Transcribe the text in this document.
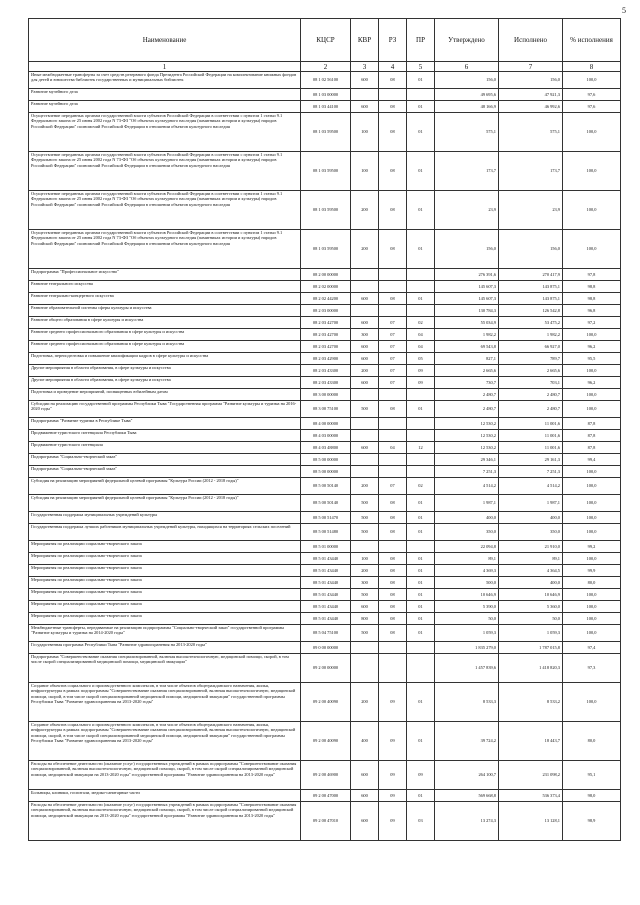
5
Наименование	КЦСР	КВР	РЗ	ПР	Утверждено	Исполнено	% исполнения
1	2	3	4	5	6	7	8
Иные межбюджетные трансферты за счет средств резервного фонда Президента Российской Федерации на комплектование книжных фондов для детей и юношества библиотек государственных и муниципальных библиотек	08 1 02 56100	600	08	01	156,0	156,0	100,0
Развитие музейного дела	08 1 03 00000				49 695,6	47 921,3	97,6
Развитие музейного дела	08 1 03 44100	600	08	01	48 166,9	46 992,6	97,6
Осуществление переданных органам государственной власти субъектов Российской Федерации в соответствии с пунктом 1 статьи 9.1 Федерального закона от 25 июня 2002 года N 73-ФЗ "Об объектах культурного наследия (памятниках истории и культуры) народов Российской Федерации" полномочий Российской Федерации в отношении объектов культурного наследия	08 1 03 59500	100	08	01	575,1	575,1	100,0
Осуществление переданных органам государственной власти субъектов Российской Федерации в соответствии с пунктом 1 статьи 9.1 Федерального закона от 25 июня 2002 года N 73-ФЗ "Об объектах культурного наследия (памятниках истории и культуры) народов Российской Федерации" полномочий Российской Федерации в отношении объектов культурного наследия	08 1 03 59500	100	08	01	173,7	173,7	100,0
Осуществление переданных органам государственной власти субъектов Российской Федерации в соответствии с пунктом 1 статьи 9.1 Федерального закона от 25 июня 2002 года N 73-ФЗ "Об объектах культурного наследия (памятниках истории и культуры) народов Российской Федерации" полномочий Российской Федерации в отношении объектов культурного наследия	08 1 03 59500	200	08	01	23,9	23,9	100,0
Осуществление переданных органам государственной власти субъектов Российской Федерации в соответствии с пунктом 1 статьи 9.1 Федерального закона от 25 июня 2002 года N 73-ФЗ "Об объектах культурного наследия (памятниках истории и культуры) народов Российской Федерации" полномочий Российской Федерации в отношении объектов культурного наследия	08 1 03 59500	200	08	01	156,0	156,0	100,0
Подпрограмма "Профессиональное искусство"	08 2 00 00000				276 391,6	270 417,9	97,8
Развитие театрального искусства	08 2 02 00000				145 607,3	143 875,1	98,8
Развитие театрально-концертного искусства	08 2 02 44200	600	08	01	145 607,3	143 875,1	98,8
Развитие образовательной системы сферы культуры и искусства	08 2 03 00000				130 784,3	126 542,8	96,8
Развитие общего образования в сфере культуры и искусства	08 2 03 42700	600	07	02	55 034,9	53 475,2	97,2
Развитие среднего профессионального образования в сфере культуры и искусства	08 2 03 42700	300	07	04	1 982,2	1 982,2	100,0
Развитие среднего профессионального образования в сфере культуры и искусства	08 2 03 42700	600	07	04	69 543,8	66 927,0	96,2
Подготовка, переподготовка и повышение квалификации кадров в сфере культуры и искусства	08 2 03 42900	600	07	05	827,1	789,7	95,5
Другие мероприятия в области образования, в сфере культуры и искусства	08 2 03 43300	200	07	09	2 665,6	2 665,6	100,0
Другие мероприятия в области образования, в сфере культуры и искусства	08 2 03 43300	600	07	09	730,7	703,1	96,2
Подготовка и проведение мероприятий, посвященных юбилейным датам	08 3 00 00000				2 480,7	2 480,7	100,0
Субсидии на реализацию государственной программы Республики Тыва "Государственная программа "Развитие культуры и туризма на 2016-2020 годы"	08 3 00 75100	500	08	01	2 480,7	2 480,7	100,0
Подпрограмма "Развитие туризма в Республике Тыва"	08 4 00 00000				12 530,2	11 001,6	87,8
Продвижение туристского потенциала Республики Тыва	08 4 03 00000				12 530,2	11 001,6	87,8
Продвижение туристского потенциала	08 4 03 48800	600	04	12	12 530,2	11 001,6	87,8
Подпрограмма "Социально-творческий заказ"	08 5 00 00000				29 346,1	29 161,3	99,4
Подпрограмма "Социально-творческий заказ"	08 5 00 00000				7 251,3	7 251,3	100,0
Субсидия на реализацию мероприятий федеральной целевой программы "Культура России (2012 - 2018 годы)"	08 5 00 50140	200	07	02	4 514,2	4 514,2	100,0
Субсидия на реализацию мероприятий федеральной целевой программы "Культура России (2012 - 2018 годы)"	08 5 00 50140	500	08	01	1 987,1	1 987,1	100,0
Государственная поддержка муниципальных учреждений культуры	08 5 00 51470	500	08	01	400,0	400,0	100,0
Государственная поддержка лучших работников муниципальных учреждений культуры, находящихся на территориях сельских поселений	08 5 00 51480	500	08	01	350,0	350,0	100,0
Мероприятия по реализации социально-творческого заказа	08 5 01 00000				22 094,8	21 910,0	99,2
Мероприятия по реализации социально-творческого заказа	08 5 01 43440	100	08	01	89,1	89,1	100,0
Мероприятия по реализации социально-творческого заказа	08 5 01 43440	200	08	01	4 369,3	4 364,5	99,9
Мероприятия по реализации социально-творческого заказа	08 5 01 43440	300	08	01	500,0	400,0	80,0
Мероприятия по реализации социально-творческого заказа	08 5 01 43440	500	08	01	10 646,9	10 646,9	100,0
Мероприятия по реализации социально-творческого заказа	08 5 01 43440	600	08	01	5 390,0	5 360,0	100,0
Мероприятия по реализации социально-творческого заказа	08 5 01 43440	800	08	01	50,0	50,0	100,0
Межбюджетные трансферты, передаваемые на реализацию подпрограммы "Социально-творческий заказ" государственной программы "Развитие культуры и туризма на 2014-2020 годы"	08 5 04 75100	500	08	01	1 059,3	1 059,3	100,0
Государственная программа Республики Тыва "Развитие здравоохранения на 2013-2020 годы"	09 0 00 00000				1 835 279,0	1 787 015,8	97,4
Подпрограмма "Совершенствование оказания специализированной, включая высокотехнологичную, медицинской помощи, скорой, в том числе скорой специализированной медицинской помощи, медицинской эвакуации"	09 2 00 00000				1 457 839,6	1 418 820,3	97,3
Создание объектов социального и производственного комплексов, в том числе объектов общегражданского назначения, жилья, инфраструктуры в рамках подпрограммы "Совершенствование оказания специализированной, включая высокотехнологичную, медицинской помощи, скорой, в том числе скорой специализированной медицинской помощи, медицинской эвакуации" государственной программы Республики Тыва "Развитие здравоохранения на 2013-2020 годы"	09 2 00 40090	200	09	01	8 533,3	8 533,2	100,0
Создание объектов социального и производственного комплексов, в том числе объектов общегражданского назначения, жилья, инфраструктуры в рамках подпрограммы "Совершенствование оказания специализированной, включая высокотехнологичную, медицинской помощи, скорой, в том числе скорой специализированной медицинской помощи, медицинской эвакуации" государственной программы Республики Тыва "Развитие здравоохранения на 2013-2020 годы"	09 2 00 40090	400	09	01	39 724,2	18 443,7	80,0
Расходы на обеспечение деятельности (оказание услуг) государственных учреждений в рамках подпрограммы "Совершенствование оказания специализированной, включая высокотехнологичную, медицинской помощи, скорой, в том числе скорой специализированной медицинской помощи, медицинской эвакуации на 2013-2020 годы" государственной программы "Развитие здравоохранения на 2013-2020 годы"	09 2 00 46900	600	09	09	264 100,7	231 098,2	95,1
Больницы, клиники, госпитали, медико-санитарные части	09 2 00 47000	600	09	01	569 668,8	536 373,4	98,0
Расходы на обеспечение деятельности (оказание услуг) государственных учреждений в рамках подпрограммы "Совершенствование оказания специализированной, включая высокотехнологичную, медицинской помощи, скорой, в том числе скорой специализированной медицинской помощи, медицинской эвакуации на 2013-2020 годы" государственной программы "Развитие здравоохранения на 2013-2020 годы"	09 2 00 47010	600	09	03	13 274,3	13 128,1	98,9
